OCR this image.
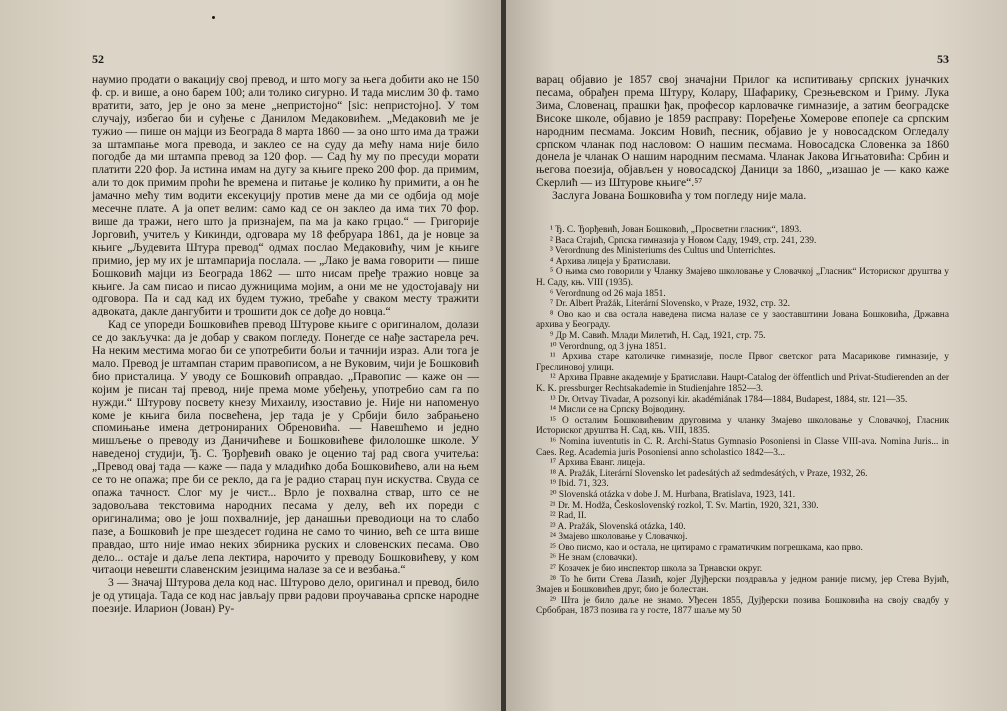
52

наумио продати о вакацију свој превод, и што могу за њега добити ако не 150 ф. ср. и више, а оно барем 100; али толико сигурно. И тада мислим 30 ф. тамо вратити, зато, јер је оно за мене „непристојно“ [sic: непристојно]. У том случају, избегао би и суђење с Данилом Медаковићем. „Медаковић ме је тужио — пише он мајци из Београда 8 марта 1860 — за оно што има да тражи за штампање мога превода, и заклео се на суду да мећу нама није било погодбе да ми штампа превод за 120 фор. — Сад ћу му по пресуди морати платити 220 фор. Ја истина имам на дугу за књиге преко 200 фор. да примим, али то док примим проћи ће времена и питање је колико ћу примити, а он ће јамачно мећу тим водити ексекуцију против мене да ми се одбија од моје месечне плате. А ја опет велим: само кад се он заклео да има тих 70 фор. више да тражи, него што ја признајем, па ма ја како грцао.“ — Григорије Јорговић, учитељ у Кикинди, одговара му 18 фебруара 1861, да је новце за књиге „Људевита Штура превод“ одмах послао Медаковићу, чим је књиге примио, јер му их је штампарија послала. — „Лако је вама говорити — пише Бошковић мајци из Београда 1862 — што нисам пређе тражио новце за књиге. Ја сам писао и писао дужницима мојим, а они ме не удостојавају ни одговора. Па и сад кад их будем тужио, требаће у сваком месту тражити адвоката, дакле дангубити и трошити док се дође до новца.“

Кад се упореди Бошковићев превод Штурове књиге с оригиналом, долази се до закључка: да је добар у сваком погледу. Понегде се нађе застарела реч. На неким местима могао би се употребити бољи и тачнији израз. Али тога је мало. Превод је штампан старим правописом, а не Вуковим, чији је Бошковић био присталица. У уводу се Бошковић оправдао. „Правопис — каже он — којим је писан тај превод, није према моме убеђењу, употребио сам га по нужди.“ Штурову посвету кнезу Михаилу, изоставио је. Није ни напоменуо коме је књига била посвећена, јер тада је у Србији било забрањено спомињање имена детронираних Обреновића. — Навешћемо и једно мишљење о преводу из Даничићеве и Бошковићеве филолошке школе. У наведеној студији, Ђ. С. Ђорђевић овако је оценио тај рад свога учитеља: „Превод овај тада — каже — пада у младићко доба Бошковићево, али на њем се то не опажа; пре би се рекло, да га је радио старац пун искуства. Свуда се опажа тачност. Слог му је чист... Врло је похвална ствар, што се не задовољава текстовима народних песама у делу, већ их пореди с оригиналима; ово је још похвалније, јер данашњи преводиоци на то слабо пазе, а Бошковић је пре шездесет година не само то чинио, већ се шта више правдао, што није имао неких збирника руских и словенских песама. Ово дело... остаје и даље лепа лектира, нарочито у преводу Бошковићеву, у ком читаоци невешти славенским језицима налазе за се и везбања.“

3 — Значај Штурова дела код нас. Штурово дело, оригинал и превод, било је од утицаја. Тада се код нас јављају први радови проучавања српске народне поезије. Иларион (Јован) Ру-

53

варац објавио је 1857 свој значајни Прилог ка испитивању српских јуначких песама, обрађен према Штуру, Колару, Шафарику, Срезњевском и Гриму. Лука Зима, Словенац, прашки ђак, професор карловачке гимназије, а затим београдске Високе школе, објавио је 1859 расправу: Поређење Хомерове епопеје са српским народним песмама. Јоксим Новић, песник, објавио је у новосадском Огледалу српском чланак под насловом: О нашим песмама. Новосадска Словенка за 1860 донела је чланак О нашим народним песмама. Чланак Јакова Игњатовића: Србин и његова поезија, објављен у новосадској Даници за 1860, „изашао је — како каже Скерлић — из Штурове књиге“.⁵⁷

Заслуга Јована Бошковића у том погледу није мала.

¹ Ђ. С. Ђорђевић, Јован Бошковић, „Просветни гласник“, 1893.

² Васа Стајић, Српска гимназија у Новом Саду, 1949, стр. 241, 239.

³ Verordnung des Ministeriums des Cultus und Unterrichtes.

⁴ Архива лицеја у Братислави.

⁵ О њима смо говорили у Чланку Змајево школовање у Словачкој „Гласник“ Историског друштва у Н. Саду, књ. VIII (1935).

⁶ Verordnung od 26 маја 1851.

⁷ Dr. Albert Pražák, Literární Slovensko, v Praze, 1932, стр. 32.

⁸ Ово као и сва остала наведена писма налазе се у заоставштини Јована Бошковића, Државна архива у Београду.

⁹ Др М. Савић. Млади Милетић, Н. Сад, 1921, стр. 75.

¹⁰ Verordnung, од 3 јуна 1851.

¹¹ Архива старе католичке гимназије, после Првог светског рата Масарикове гимназије, у Греслиновој улици.

¹² Архива Правне академије у Братислави. Haupt-Catalog der öffentlich und Privat-Studierenden an der K. K. pressburger Rechtsakademie in Studienjahre 1852—3.

¹³ Dr. Ortvay Tivadar, A pozsonyi kir. akadémiának 1784—1884, Budapest, 1884, str. 121—35.

¹⁴ Мисли се на Српску Војводину.

¹⁵ О осталим Бошковићевим друговима у чланку Змајево школовање у Словачкој, Гласник Историског друштва Н. Сад, књ. VIII, 1835.

¹⁶ Nomina iuventutis in C. R. Archi-Status Gymnasio Posoniensi in Classe VIII-ava. Nomina Juris... in Caes. Reg. Academia juris Posoniensi anno scholastico 1842—3...

¹⁷ Архива Еванг. лицеја.

¹⁸ A. Pražák, Literární Slovensko let padesátých až sedmdesátých, v Praze, 1932, 26.

¹⁹ Ibid. 71, 323.

²⁰ Slovenská otázka v dobe J. M. Hurbana, Bratislava, 1923, 141.

²¹ Dr. M. Hodža, Československý rozkol, T. Sv. Martin, 1920, 321, 330.

²² Rad, II.

²³ A. Pražák, Slovenská otázka, 140.

²⁴ Змајево школовање у Словачкој.

²⁵ Ово писмо, као и остала, не цитирамо с граматичким погрешкама, као прво.

²⁶ Не знам (словачки).

²⁷ Козачек је био инспектор школа за Трнавски округ.

²⁸ То ће бити Стева Лазић, којег Дујђерски поздравља у једном раније писму, јер Стева Вујић, Змајев и Бошковићев друг, био је болестан.

²⁹ Шта је било даље не знамо. Уђесен 1855, Дујђерски позива Бошковића на своју свадбу у Србобран, 1873 позива га у госте, 1877 шаље му 50
